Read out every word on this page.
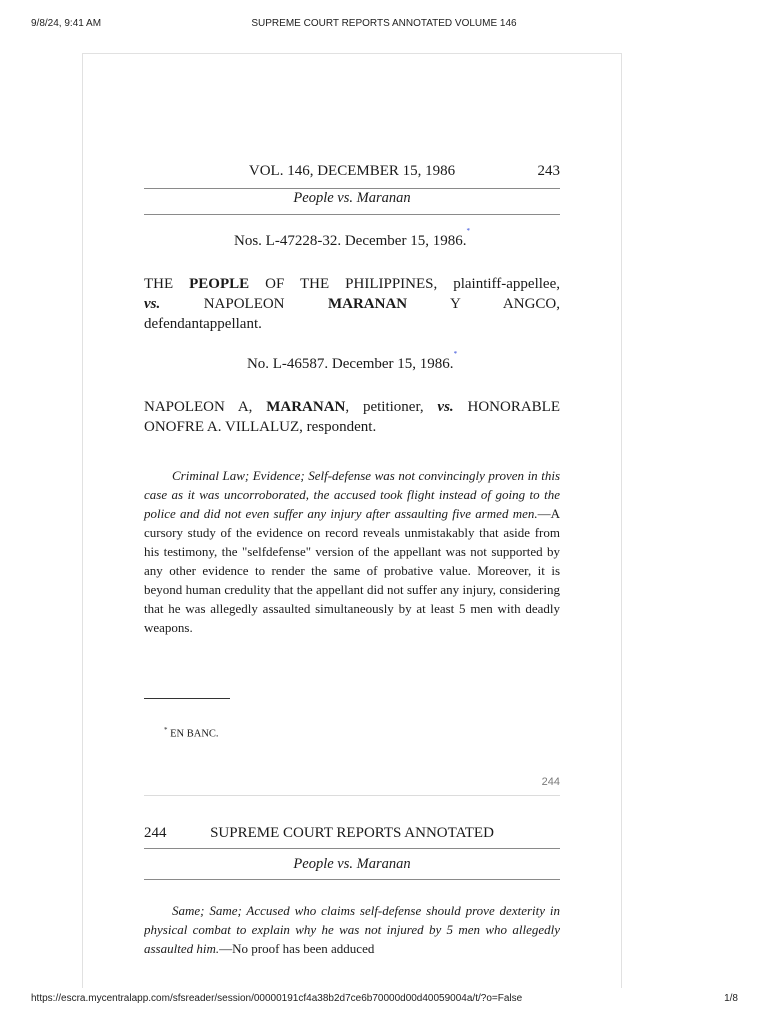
9/8/24, 9:41 AM	SUPREME COURT REPORTS ANNOTATED VOLUME 146
VOL. 146, DECEMBER 15, 1986	243
People vs. Maranan
Nos. L-47228-32. December 15, 1986.*
THE PEOPLE OF THE PHILIPPINES, plaintiff-appellee,
vs.	NAPOLEON	MARANAN	Y	ANGCO,
defendantappellant.
No. L-46587. December 15, 1986.*
NAPOLEON A, MARANAN, petitioner, vs. HONORABLE
ONOFRE A. VILLALUZ, respondent.

Criminal Law; Evidence; Self-defense was not convincingly proven in this case as it was uncorroborated, the accused took flight instead of going to the police and did not even suffer any injury after assaulting five armed men.—A cursory study of the evidence on record reveals unmistakably that aside from his testimony, the "selfdefense" version of the appellant was not supported by any other evidence to render the same of probative value. Moreover, it is beyond human credulity that the appellant did not suffer any injury, considering that he was allegedly assaulted simultaneously by at least 5 men with deadly weapons.

* EN BANC.
244
244	SUPREME COURT REPORTS ANNOTATED
People vs. Maranan

Same; Same; Accused who claims self-defense should prove dexterity in physical combat to explain why he was not injured by 5 men who allegedly assaulted him.—No proof has been adduced

https://escra.mycentralapp.com/sfsreader/session/00000191cf4a38b2d7ce6b70000d00d40059004a/t/?o=False	1/8
